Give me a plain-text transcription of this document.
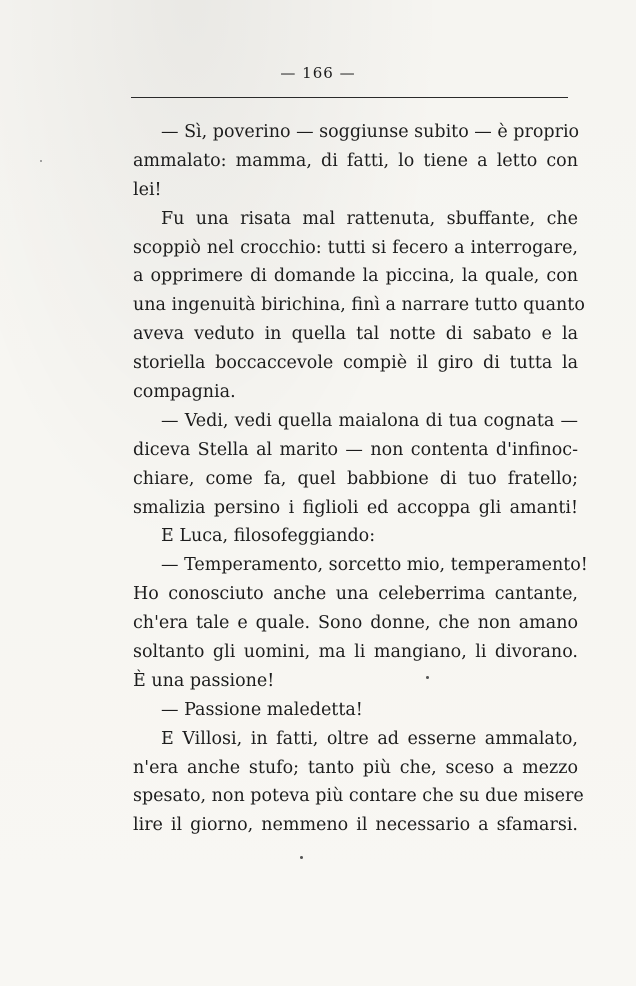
— 166 —
— Sì, poverino — soggiunse subito — è proprio
ammalato: mamma, di fatti, lo tiene a letto con
lei!
Fu una risata mal rattenuta, sbuffante, che
scoppiò nel crocchio: tutti si fecero a interrogare,
a opprimere di domande la piccina, la quale, con
una ingenuità birichina, finì a narrare tutto quanto
aveva veduto in quella tal notte di sabato e la
storiella boccaccevole compiè il giro di tutta la
compagnia.
— Vedi, vedi quella maialona di tua cognata —
diceva Stella al marito — non contenta d'infinoc-
chiare, come fa, quel babbione di tuo fratello;
smalizia persino i figlioli ed accoppa gli amanti!
E Luca, filosofeggiando:
— Temperamento, sorcetto mio, temperamento!
Ho conosciuto anche una celeberrima cantante,
ch'era tale e quale. Sono donne, che non amano
soltanto gli uomini, ma li mangiano, li divorano.
È una passione!
— Passione maledetta!
E Villosi, in fatti, oltre ad esserne ammalato,
n'era anche stufo; tanto più che, sceso a mezzo
spesato, non poteva più contare che su due misere
lire il giorno, nemmeno il necessario a sfamarsi.
